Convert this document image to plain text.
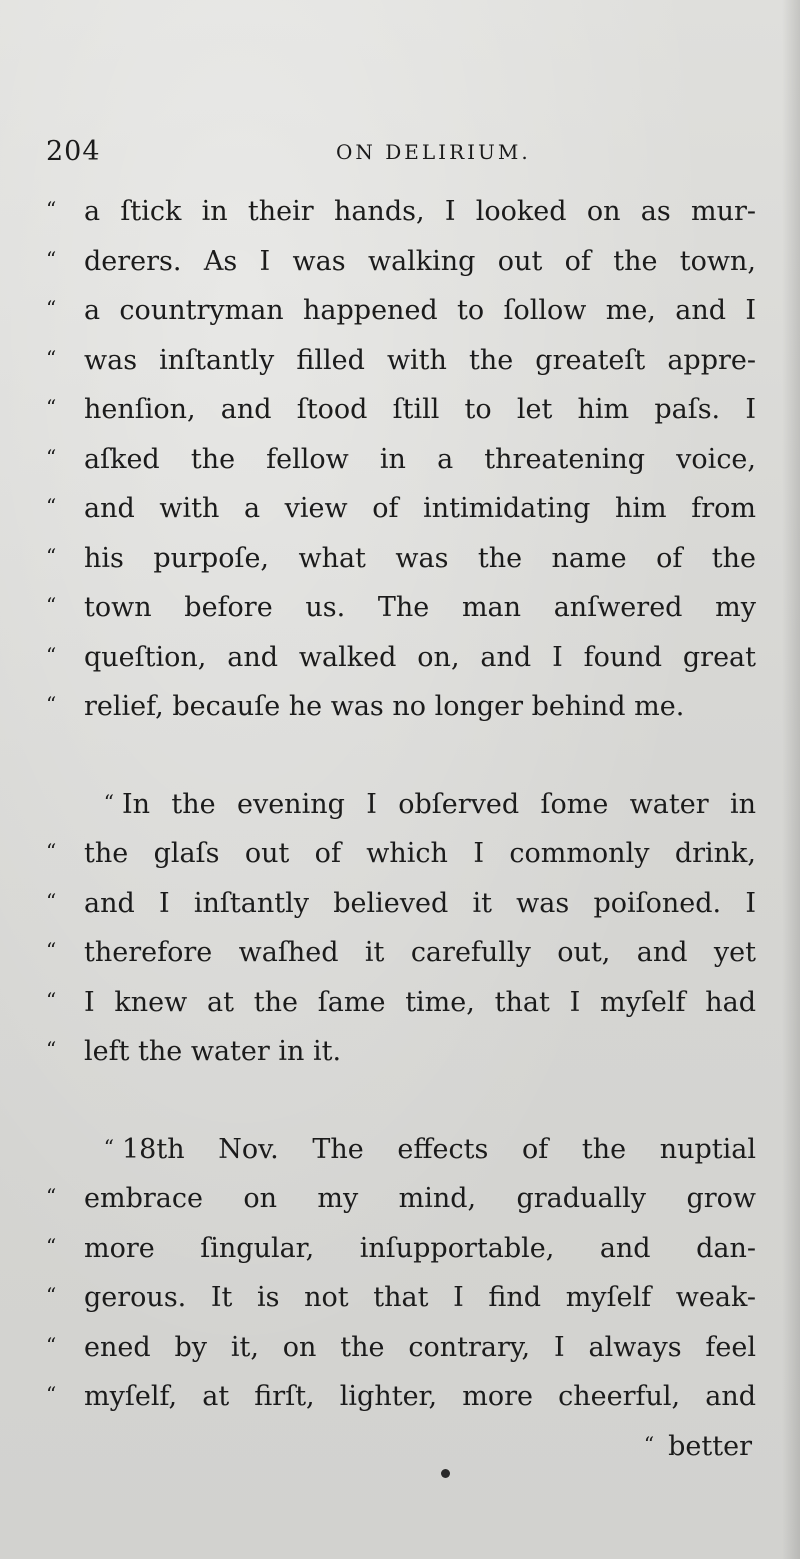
204	ON DELIRIUM.
“	a ſtick in their hands, I looked on as mur-
“	derers. As I was walking out of the town,
“	a countryman happened to ſollow me, and I
“	was inſtantly filled with the greateſt appre-
“	henſion, and ſtood ſtill to let him paſs. I
“	aſked the fellow in a threatening voice,
“	and with a view of intimidating him from
“	his purpoſe, what was the name of the
“	town before us. The man anſwered my
“	queſtion, and walked on, and I found great
“	relief, becauſe he was no longer behind me.
“ In the evening I obſerved ſome water in
“	the glaſs out of which I commonly drink,
“	and I inſtantly believed it was poiſoned. I
“	therefore waſhed it carefully out, and yet
“	I knew at the ſame time, that I myſelf had
“	left the water in it.
“ 18th Nov. The effects of the nuptial
“	embrace on my mind, gradually grow
“	more ſingular, inſupportable, and dan-
“	gerous. It is not that I find myſelf weak-
“	ened by it, on the contrary, I always feel
“	myſelf, at firſt, lighter, more cheerful, and
“ better
